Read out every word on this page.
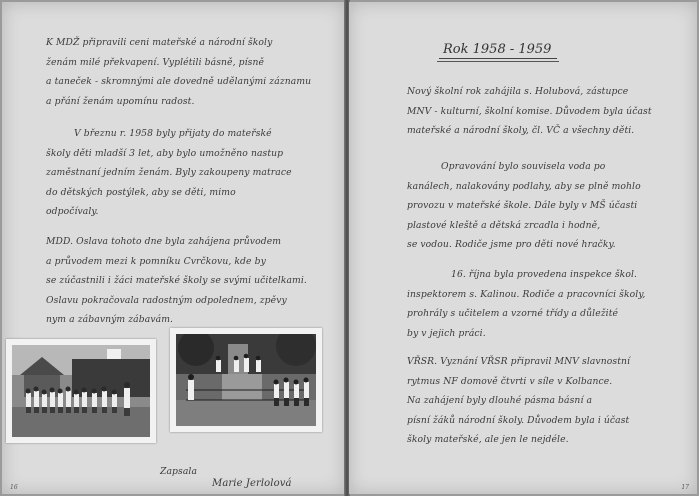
K MDŽ připravili ceni mateřské a národní školy
ženám milé překvapení. Vyplétili básně, písně
a taneček - skromnými ale dovedně udělanými záznamu
a přání ženám upomínu radost.
V březnu r. 1958 byly přijaty do mateřské
školy děti mladší 3 let, aby bylo umožněno nastup
zaměstnaní jedním ženám. Byly zakoupeny matrace
do dětských postýlek, aby se děti, mimo
odpočívaly.
MDD. Oslava tohoto dne byla zahájena průvodem
a průvodem mezi k pomníku Cvrčkovu, kde by
se zúčastnili i žáci mateřské školy se svými učitelkami.
Oslavu pokračovala radostným odpolednem, zpěvy
nym a zábavným zábavám.
Zapsala
Marie Jerlolová
16
Rok 1958 - 1959
Nový školní rok zahájila s. Holubová, zástupce
MNV - kulturní, školní komise. Důvodem byla účast
mateřské a národní školy, čl. VČ a všechny děti.
Opravování bylo souvisela voda po
kanálech, nalakovány podlahy, aby se plně mohlo
provozu v mateřské škole. Dále byly v MŠ účasti
plastové kleště a dětská zrcadla i hodně,
se vodou. Rodiče jsme pro děti nové hračky.
16. října byla provedena inspekce škol.
inspektorem s. Kalinou. Rodiče a pracovníci školy,
prohrály s učitelem a vzorné třídy a důležité
by v jejich práci.
VŘSR. Vyznání VŘSR připravil MNV slavnostní
rytmus NF domově čtvrti v síle v Kolbance.
Na zahájení byly dlouhé pásma básní a
písní žáků národní školy. Důvodem byla i účast
školy mateřské, ale jen le nejdéle.
17
